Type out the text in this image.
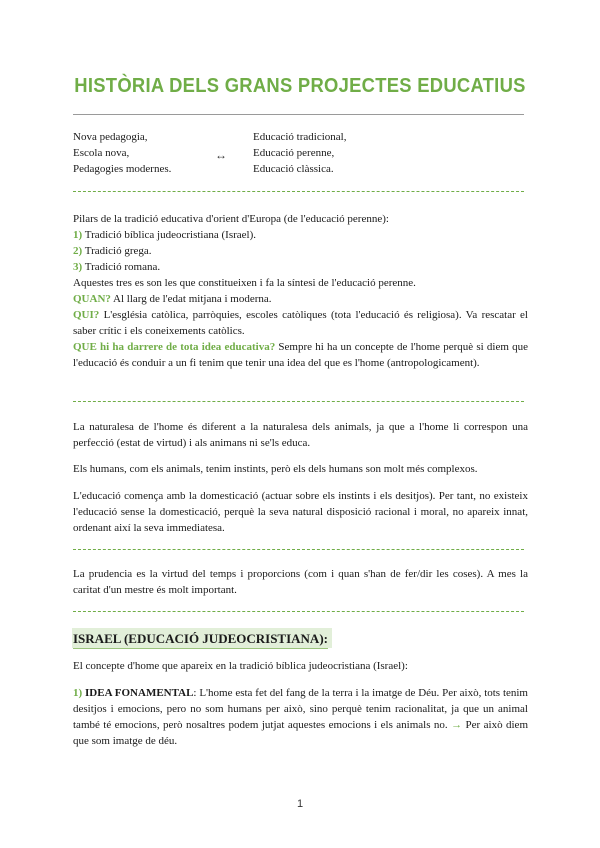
HISTÒRIA DELS GRANS PROJECTES EDUCATIUS
Nova pedagogia,
Escola nova,
Pedagogies modernes.
↔
Educació tradicional,
Educació perenne,
Educació clàssica.
Pilars de la tradició educativa d'orient d'Europa (de l'educació perenne):
1) Tradició bíblica judeocristiana (Israel).
2) Tradició grega.
3) Tradició romana.
Aquestes tres es son les que constitueixen i fa la síntesi de l'educació perenne.
QUAN? Al llarg de l'edat mitjana i moderna.
QUI? L'església catòlica, parròquies, escoles catòliques (tota l'educació és religiosa). Va rescatar el saber crític i els coneixements catòlics.
QUE hi ha darrere de tota idea educativa? Sempre hi ha un concepte de l'home perquè si diem que l'educació és conduir a un fi tenim que tenir una idea del que es l'home (antropologicament).
La naturalesa de l'home és diferent a la naturalesa dels animals, ja que a l'home li correspon una perfecció (estat de virtud) i als animans ni se'ls educa.
Els humans, com els animals, tenim instints, però els dels humans son molt més complexos.
L'educació comença amb la domesticació (actuar sobre els instints i els desitjos). Per tant, no existeix l'educació sense la domesticació, perquè la seva natural disposició racional i moral, no apareix innat, ordenant així la seva immediatesa.
La prudencia es la virtud del temps i proporcions (com i quan s'han de fer/dir les coses). A mes la caritat d'un mestre és molt important.
ISRAEL (EDUCACIÓ JUDEOCRISTIANA):
El concepte d'home que apareix en la tradició bíblica judeocristiana (Israel):
1) IDEA FONAMENTAL: L'home esta fet del fang de la terra i la imatge de Déu. Per això, tots tenim desitjos i emocions, pero no som humans per això, sino perquè tenim racionalitat, ja que un animal també té emocions, però nosaltres podem jutjat aquestes emocions i els animals no. → Per això diem que som imatge de déu.
1
